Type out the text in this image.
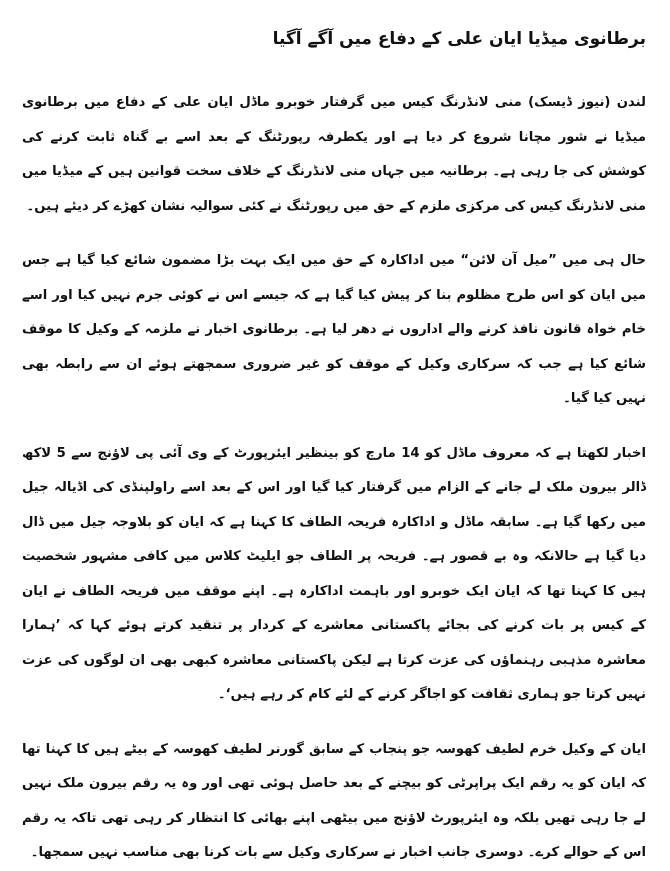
برطانوی میڈیا ایان علی کے دفاع میں آگے آگیا

لندن (نیوز ڈیسک) منی لانڈرنگ کیس میں گرفتار خوبرو ماڈل ایان علی کے دفاع میں برطانوی میڈیا نے شور مچانا شروع کر دیا ہے اور یکطرفہ رپورٹنگ کے بعد اسے بے گناہ ثابت کرنے کی کوشش کی جا رہی ہے۔ برطانیہ میں جہاں منی لانڈرنگ کے خلاف سخت قوانین ہیں کے میڈیا میں منی لانڈرنگ کیس کی مرکزی ملزم کے حق میں رپورٹنگ نے کئی سوالیہ نشان کھڑے کر دیئے ہیں۔

حال ہی میں ”میل آن لائن“ میں اداکارہ کے حق میں ایک بہت بڑا مضمون شائع کیا گیا ہے جس میں ایان کو اس طرح مظلوم بنا کر پیش کیا گیا ہے کہ جیسے اس نے کوئی جرم نہیں کیا اور اسے خام خواہ قانون نافذ کرنے والے اداروں نے دھر لیا ہے۔ برطانوی اخبار نے ملزمہ کے وکیل کا موقف شائع کیا ہے جب کہ سرکاری وکیل کے موقف کو غیر ضروری سمجھتے ہوئے ان سے رابطہ بھی نہیں کیا گیا۔

اخبار لکھتا ہے کہ معروف ماڈل کو 14 مارچ کو بینظیر ایئرپورٹ کے وی آئی پی لاؤنج سے 5 لاکھ ڈالر بیرون ملک لے جانے کے الزام میں گرفتار کیا گیا اور اس کے بعد اسے راولپنڈی کی اڈیالہ جیل میں رکھا گیا ہے۔ سابقہ ماڈل و اداکارہ فریحہ الطاف کا کہنا ہے کہ ایان کو بلاوجہ جیل میں ڈال دیا گیا ہے حالانکہ وہ بے قصور ہے۔ فریحہ پر الطاف جو ایلیٹ کلاس میں کافی مشہور شخصیت ہیں کا کہنا تھا کہ ایان ایک خوبرو اور باہمت اداکارہ ہے۔ اپنے موقف میں فریحہ الطاف نے ایان کے کیس پر بات کرنے کی بجائے پاکستانی معاشرے کے کردار پر تنقید کرتے ہوئے کہا کہ ’ہمارا معاشرہ مذہبی رہنماؤں کی عزت کرتا ہے لیکن پاکستانی معاشرہ کبھی بھی ان لوگوں کی عزت نہیں کرتا جو ہماری ثقافت کو اجاگر کرنے کے لئے کام کر رہے ہیں‘۔

ایان کے وکیل خرم لطیف کھوسہ جو پنجاب کے سابق گورنر لطیف کھوسہ کے بیٹے ہیں کا کہنا تھا کہ ایان کو یہ رقم ایک پراپرٹی کو بیچنے کے بعد حاصل ہوئی تھی اور وہ یہ رقم بیرون ملک نہیں لے جا رہی تھیں بلکہ وہ ایئرپورٹ لاؤنج میں بیٹھی اپنے بھائی کا انتظار کر رہی تھی تاکہ یہ رقم اس کے حوالے کرے۔ دوسری جانب اخبار نے سرکاری وکیل سے بات کرنا بھی مناسب نہیں سمجھا۔
